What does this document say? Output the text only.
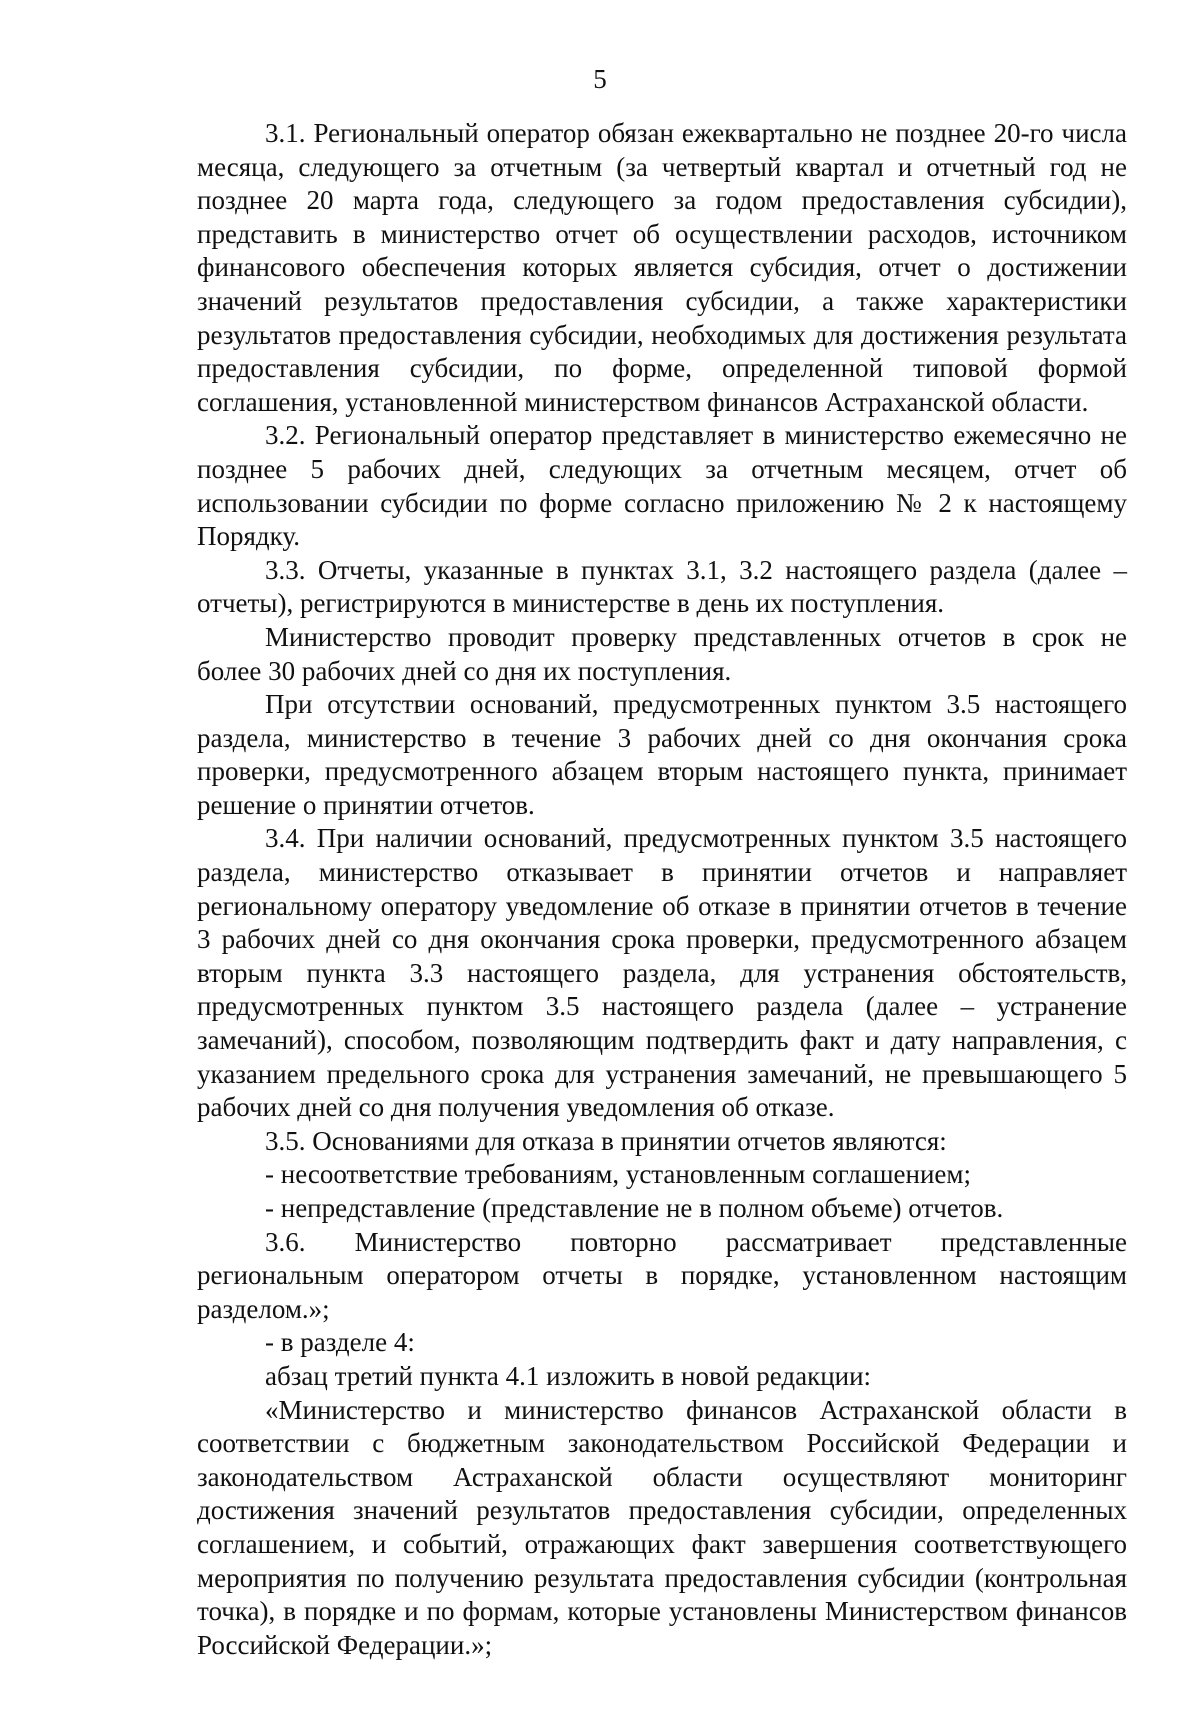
5

3.1. Региональный оператор обязан ежеквартально не позднее 20-го числа месяца, следующего за отчетным (за четвертый квартал и отчетный год не позднее 20 марта года, следующего за годом предоставления субсидии), представить в министерство отчет об осуществлении расходов, источником финансового обеспечения которых является субсидия, отчет о достижении значений результатов предоставления субсидии, а также характеристики результатов предоставления субсидии, необходимых для достижения результата предоставления субсидии, по форме, определенной типовой формой соглашения, установленной министерством финансов Астраханской области.

3.2. Региональный оператор представляет в министерство ежемесячно не позднее 5 рабочих дней, следующих за отчетным месяцем, отчет об использовании субсидии по форме согласно приложению № 2 к настоящему Порядку.

3.3. Отчеты, указанные в пунктах 3.1, 3.2 настоящего раздела (далее – отчеты), регистрируются в министерстве в день их поступления.

Министерство проводит проверку представленных отчетов в срок не более 30 рабочих дней со дня их поступления.

При отсутствии оснований, предусмотренных пунктом 3.5 настоящего раздела, министерство в течение 3 рабочих дней со дня окончания срока проверки, предусмотренного абзацем вторым настоящего пункта, принимает решение о принятии отчетов.

3.4. При наличии оснований, предусмотренных пунктом 3.5 настоящего раздела, министерство отказывает в принятии отчетов и направляет региональному оператору уведомление об отказе в принятии отчетов в течение 3 рабочих дней со дня окончания срока проверки, предусмотренного абзацем вторым пункта 3.3 настоящего раздела, для устранения обстоятельств, предусмотренных пунктом 3.5 настоящего раздела (далее – устранение замечаний), способом, позволяющим подтвердить факт и дату направления, с указанием предельного срока для устранения замечаний, не превышающего 5 рабочих дней со дня получения уведомления об отказе.

3.5. Основаниями для отказа в принятии отчетов являются:

- несоответствие требованиям, установленным соглашением;

- непредставление (представление не в полном объеме) отчетов.

3.6. Министерство повторно рассматривает представленные региональным оператором отчеты в порядке, установленном настоящим разделом.»;

- в разделе 4:

абзац третий пункта 4.1 изложить в новой редакции:

«Министерство и министерство финансов Астраханской области в соответствии с бюджетным законодательством Российской Федерации и законодательством Астраханской области осуществляют мониторинг достижения значений результатов предоставления субсидии, определенных соглашением, и событий, отражающих факт завершения соответствующего мероприятия по получению результата предоставления субсидии (контрольная точка), в порядке и по формам, которые установлены Министерством финансов Российской Федерации.»;
